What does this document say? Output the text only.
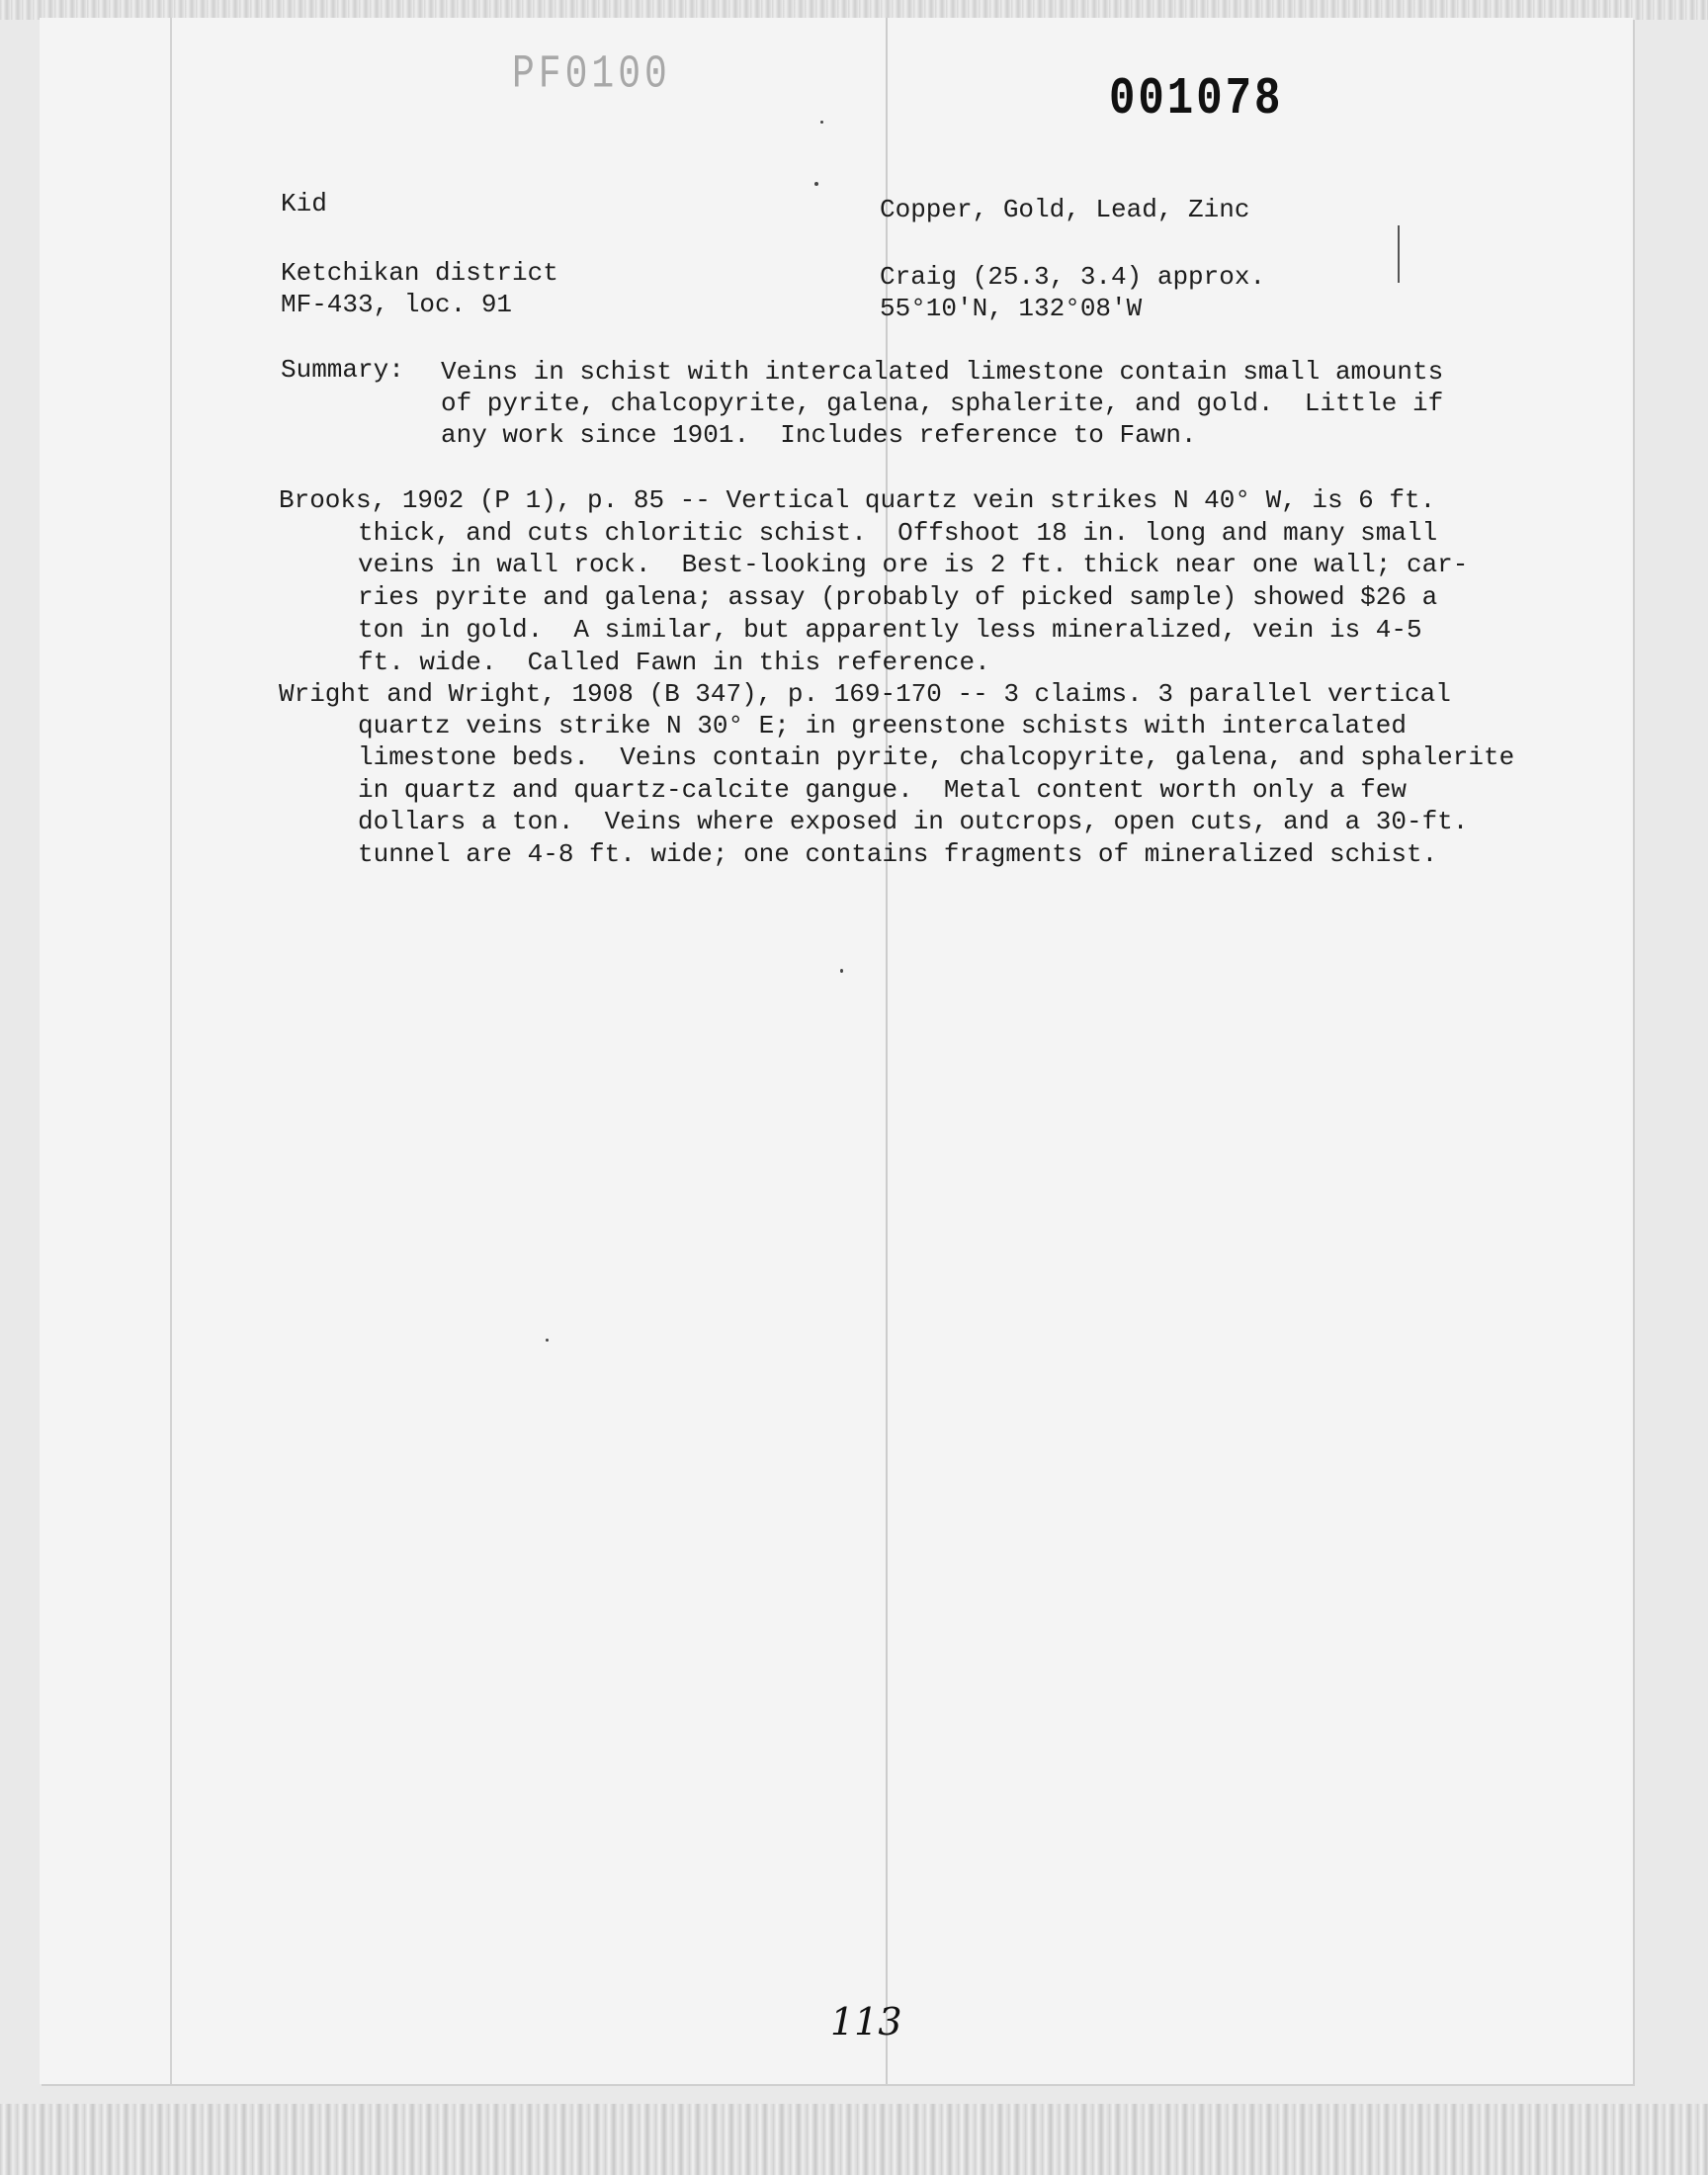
PF0100	001078
Kid	Copper, Gold, Lead, Zinc
Ketchikan district	Craig (25.3, 3.4) approx.
MF-433, loc. 91	55°10'N, 132°08'W
Summary: Veins in schist with intercalated limestone contain small amounts
of pyrite, chalcopyrite, galena, sphalerite, and gold.  Little if
any work since 1901.  Includes reference to Fawn.
Brooks, 1902 (P 1), p. 85 -- Vertical quartz vein strikes N 40° W, is 6 ft.
thick, and cuts chloritic schist.  Offshoot 18 in. long and many small
veins in wall rock.  Best-looking ore is 2 ft. thick near one wall; car-
ries pyrite and galena; assay (probably of picked sample) showed $26 a
ton in gold.  A similar, but apparently less mineralized, vein is 4-5
ft. wide.  Called Fawn in this reference.
Wright and Wright, 1908 (B 347), p. 169-170 -- 3 claims. 3 parallel vertical
quartz veins strike N 30° E; in greenstone schists with intercalated
limestone beds.  Veins contain pyrite, chalcopyrite, galena, and sphalerite
in quartz and quartz-calcite gangue.  Metal content worth only a few
dollars a ton.  Veins where exposed in outcrops, open cuts, and a 30-ft.
tunnel are 4-8 ft. wide; one contains fragments of mineralized schist.
113
